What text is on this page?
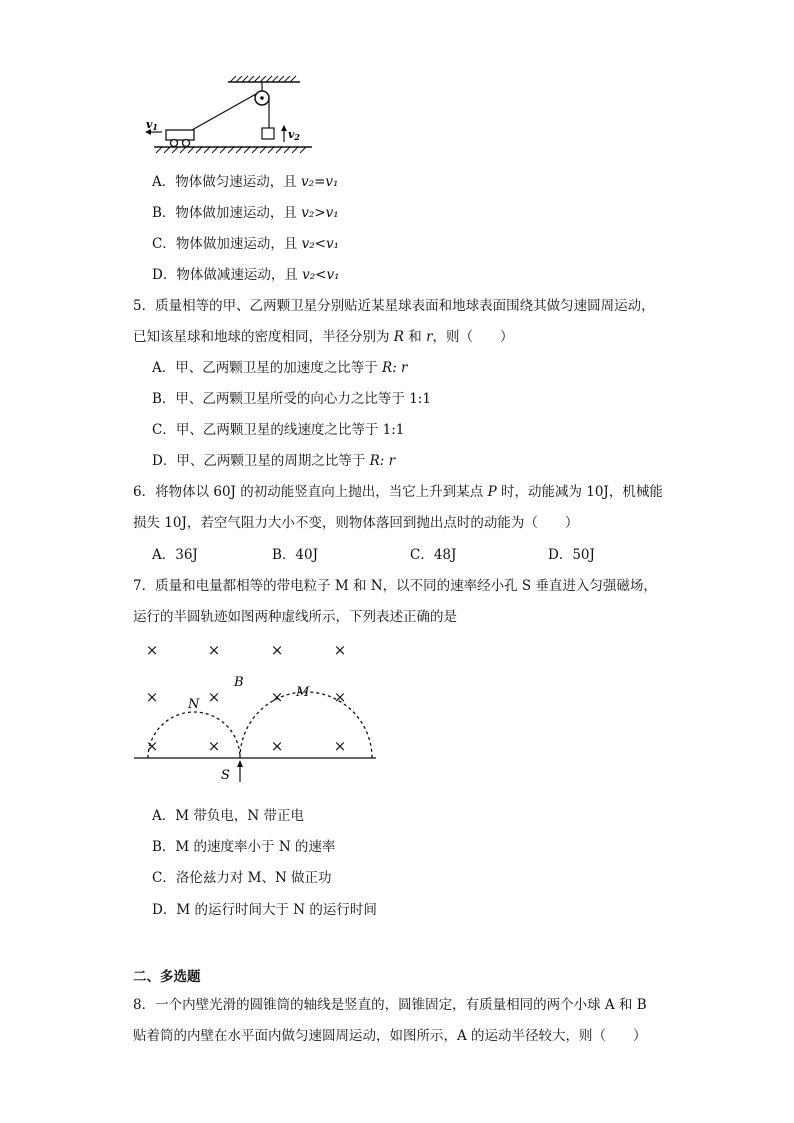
v2
v1
A．物体做匀速运动，且 v₂=v₁
B．物体做加速运动，且 v₂>v₁
C．物体做加速运动，且 v₂<v₁
D．物体做减速运动，且 v₂<v₁
5．质量相等的甲、乙两颗卫星分别贴近某星球表面和地球表面围绕其做匀速圆周运动，
已知该星球和地球的密度相同，半径分别为 R 和 r，则（　　）
A．甲、乙两颗卫星的加速度之比等于 R: r
B．甲、乙两颗卫星所受的向心力之比等于 1:1
C．甲、乙两颗卫星的线速度之比等于 1:1
D．甲、乙两颗卫星的周期之比等于 R: r
6．将物体以 60J 的初动能竖直向上抛出，当它上升到某点 P 时，动能减为 10J，机械能
损失 10J，若空气阻力大小不变，则物体落回到抛出点时的动能为（　　）
A．36J	B．40J	C．48J	D．50J
7．质量和电量都相等的带电粒子 M 和 N，以不同的速率经小孔 S 垂直进入匀强磁场，
运行的半圆轨迹如图两种虚线所示，下列表述正确的是
×	×	×	×
×	×	×	×
×	×	×	×
B
N
M
S
A．M 带负电，N 带正电
B．M 的速度率小于 N 的速率
C．洛伦兹力对 M、N 做正功
D．M 的运行时间大于 N 的运行时间
二、多选题
8．一个内壁光滑的圆锥筒的轴线是竖直的，圆锥固定，有质量相同的两个小球 A 和 B
贴着筒的内壁在水平面内做匀速圆周运动，如图所示，A 的运动半径较大，则（　　）
